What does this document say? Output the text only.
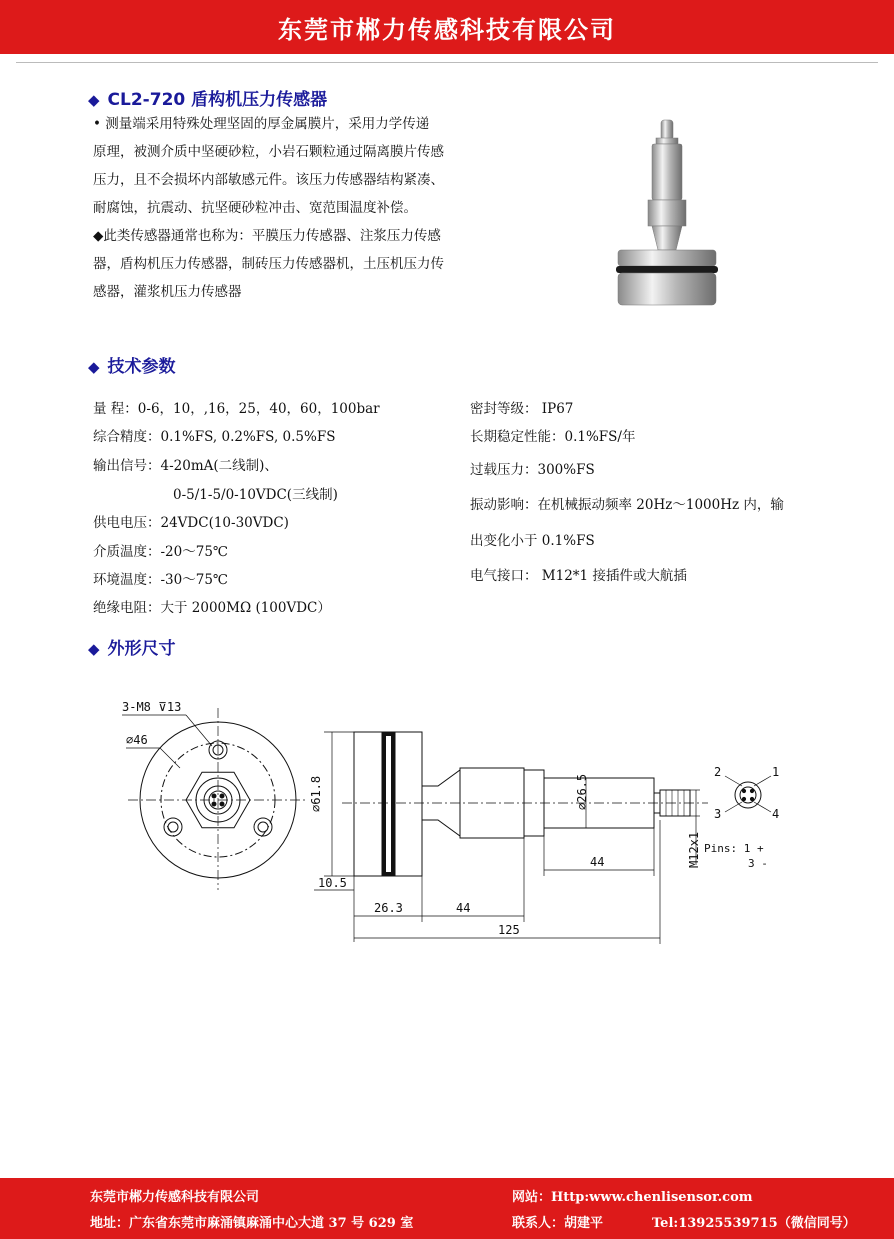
东莞市郴力传感科技有限公司
◆ CL2-720 盾构机压力传感器

• 测量端采用特殊处理坚固的厚金属膜片，采用力学传递

原理，被测介质中坚硬砂粒，小岩石颗粒通过隔离膜片传感

压力，且不会损坏内部敏感元件。该压力传感器结构紧凑、

耐腐蚀，抗震动、抗坚硬砂粒冲击、宽范围温度补偿。

◆此类传感器通常也称为：平膜压力传感器、注浆压力传感

器，盾构机压力传感器，制砖压力传感器机，土压机压力传

感器，灌浆机压力传感器

◆ 技术参数
量 程：0-6，10，,16，25，40，60，100bar
综合精度：0.1%FS, 0.2%FS, 0.5%FS
输出信号：4-20mA(二线制)、
0-5/1-5/0-10VDC(三线制)
供电电压：24VDC(10-30VDC)
介质温度：-20～75℃
环境温度：-30～75℃
绝缘电阻：大于 2000MΩ (100VDC）
密封等级： IP67
长期稳定性能：0.1%FS/年
过载压力：300%FS
振动影响：在机械振动频率 20Hz～1000Hz 内，输
出变化小于 0.1%FS
电气接口： M12*1 接插件或大航插
◆ 外形尺寸
3-M8 ⊽13
⌀46
⌀61.8	⌀26.5
M12x1
44
10.5
26.3	44
125
2	1
3	4
Pins: 1 +
3 -
东莞市郴力传感科技有限公司	网站：Http:www.chenlisensor.com
地址：广东省东莞市麻涌镇麻涌中心大道 37 号 629 室	联系人：胡建平	Tel:13925539715（微信同号）
